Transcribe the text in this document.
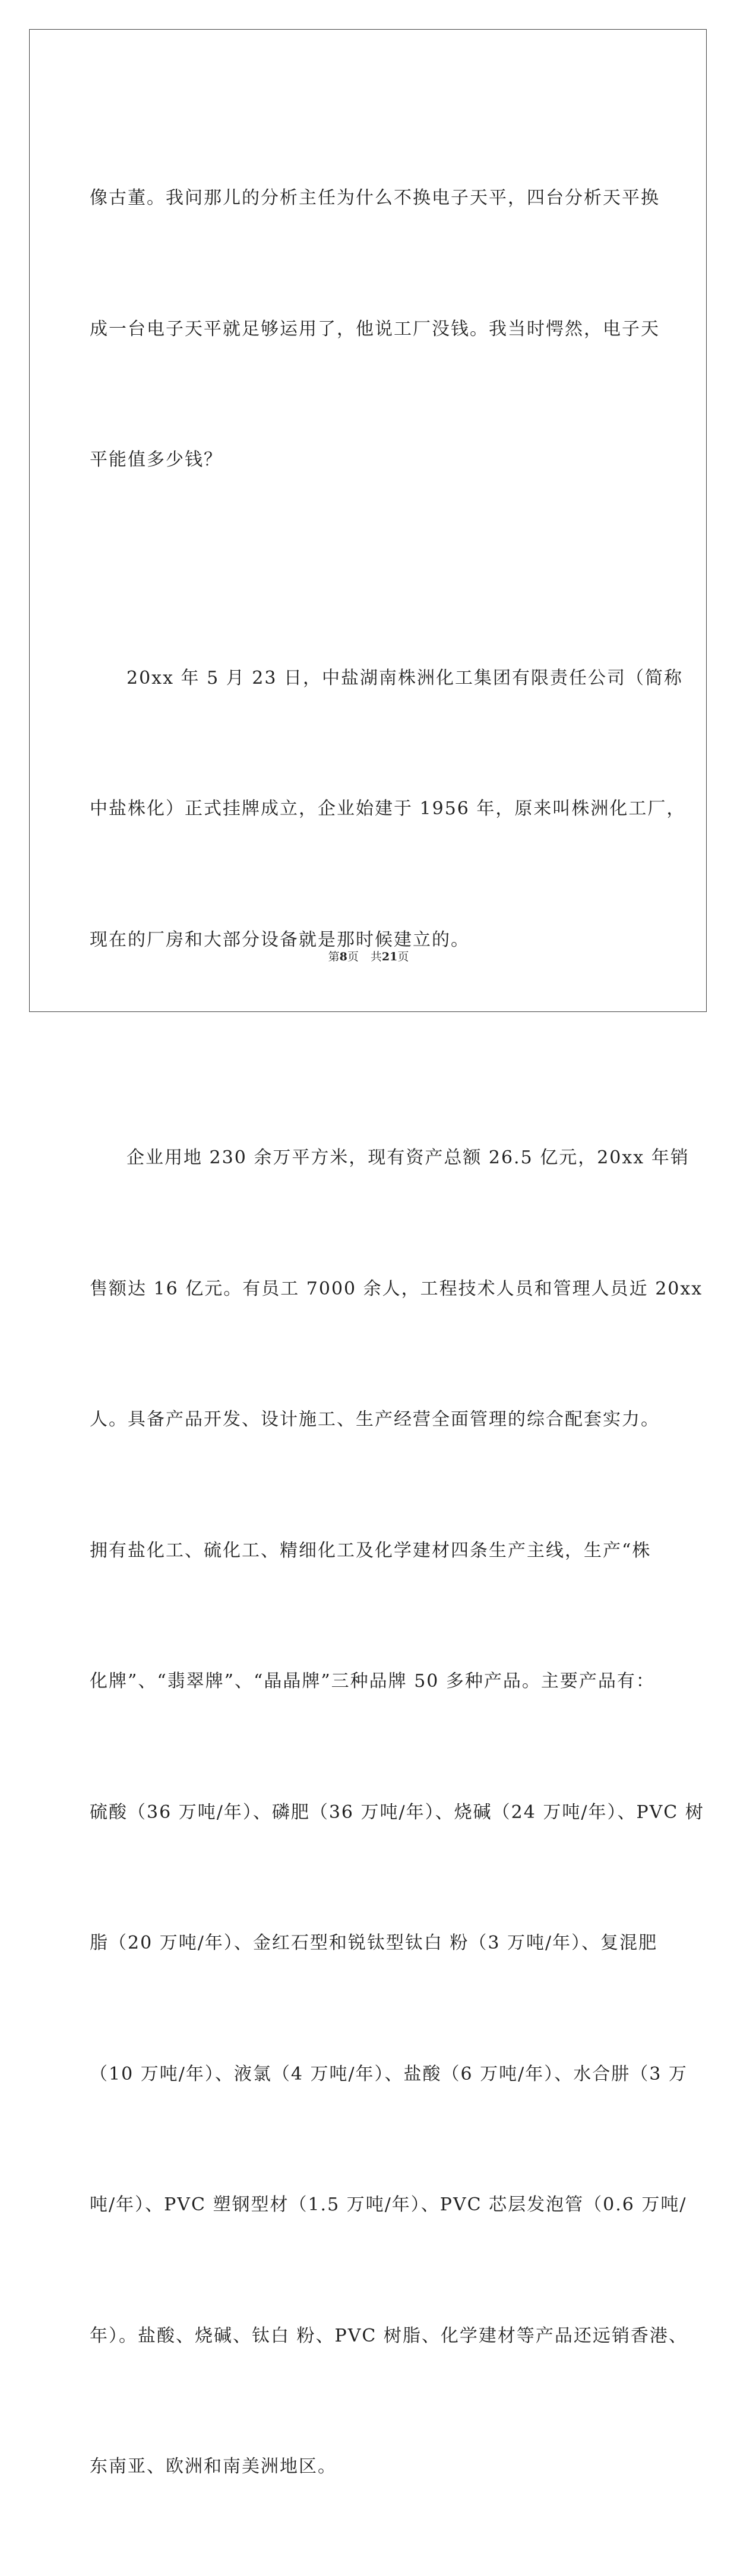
像古董。我问那儿的分析主任为什么不换电子天平，四台分析天平换

成一台电子天平就足够运用了，他说工厂没钱。我当时愕然，电子天

平能值多少钱？

20xx 年 5 月 23 日，中盐湖南株洲化工集团有限责任公司（简称

中盐株化）正式挂牌成立，企业始建于 1956 年，原来叫株洲化工厂，

现在的厂房和大部分设备就是那时候建立的。

企业用地 230 余万平方米，现有资产总额 26.5 亿元，20xx 年销

售额达 16 亿元。有员工 7000 余人，工程技术人员和管理人员近 20xx

人。具备产品开发、设计施工、生产经营全面管理的综合配套实力。

拥有盐化工、硫化工、精细化工及化学建材四条生产主线，生产“株

化牌”、“翡翠牌”、“晶晶牌”三种品牌 50 多种产品。主要产品有：

硫酸（36 万吨/年）、磷肥（36 万吨/年）、烧碱（24 万吨/年）、PVC 树

脂（20 万吨/年）、金红石型和锐钛型钛白 粉（3 万吨/年）、复混肥

（10 万吨/年）、液氯（4 万吨/年）、盐酸（6 万吨/年）、水合肼（3 万

吨/年）、PVC 塑钢型材（1.5 万吨/年）、PVC 芯层发泡管（0.6 万吨/

年）。盐酸、烧碱、钛白 粉、PVC 树脂、化学建材等产品还远销香港、

东南亚、欧洲和南美洲地区。

第8页 共21页
